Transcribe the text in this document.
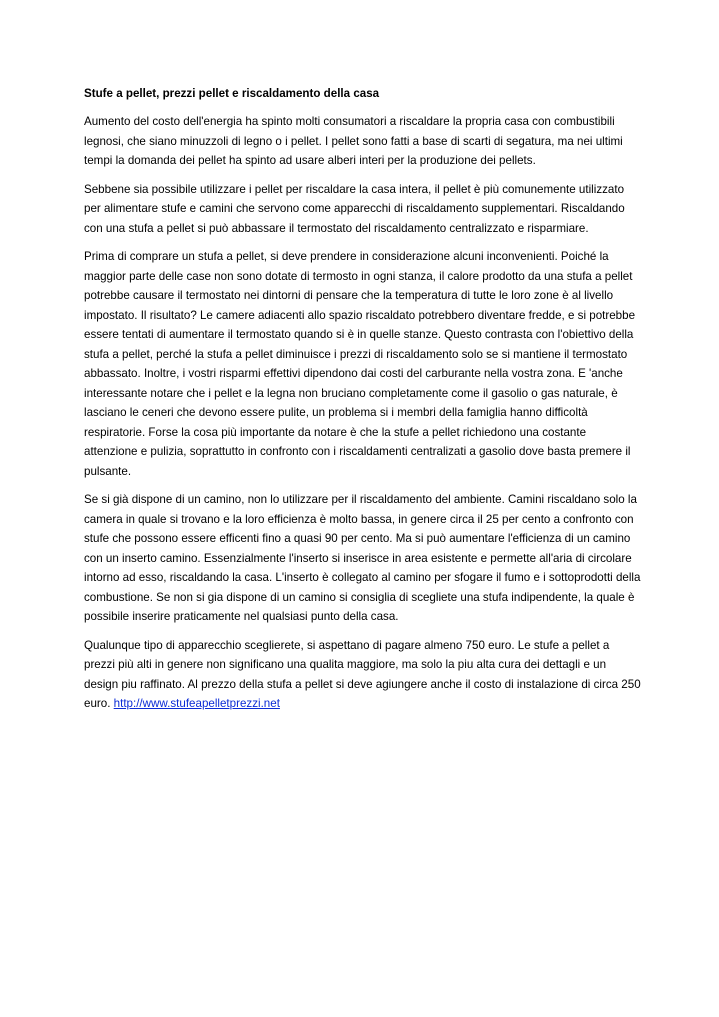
Stufe a pellet, prezzi pellet e riscaldamento della casa

Aumento del costo dell'energia ha spinto molti consumatori a riscaldare la propria casa con combustibili legnosi, che siano minuzzoli di legno o i pellet. I pellet sono fatti a base di scarti di segatura, ma nei ultimi tempi la domanda dei pellet ha spinto ad usare alberi interi per la produzione dei pellets.

Sebbene sia possibile utilizzare i pellet per riscaldare la casa intera, il pellet è più comunemente utilizzato per alimentare stufe e camini che servono come apparecchi di riscaldamento supplementari. Riscaldando con una stufa a pellet si può abbassare il termostato del riscaldamento centralizzato e risparmiare.

Prima di comprare un stufa a pellet, si deve prendere in considerazione alcuni inconvenienti. Poiché la maggior parte delle case non sono dotate di termosto in ogni stanza, il calore prodotto da una stufa a pellet potrebbe causare il termostato nei dintorni di pensare che la temperatura di tutte le loro zone è al livello impostato. Il risultato? Le camere adiacenti allo spazio riscaldato potrebbero diventare fredde, e si potrebbe essere tentati di aumentare il termostato quando si è in quelle stanze. Questo contrasta con l'obiettivo della stufa a pellet, perché la stufa a pellet diminuisce i prezzi di riscaldamento solo se si mantiene il termostato abbassato. Inoltre, i vostri risparmi effettivi dipendono dai costi del carburante nella vostra zona. E 'anche interessante notare che i pellet e la legna non bruciano completamente come il gasolio o gas naturale, è lasciano le ceneri che devono essere pulite, un problema si i membri della famiglia hanno difficoltà respiratorie. Forse la cosa più importante da notare è che la stufe a pellet richiedono una costante attenzione e pulizia, soprattutto in confronto con i riscaldamenti centralizati a gasolio dove basta premere il pulsante.

Se si già dispone di un camino, non lo utilizzare per il riscaldamento del ambiente. Camini riscaldano solo la camera in quale si trovano e la loro efficienza è molto bassa, in genere circa il 25 per cento a confronto con stufe che possono essere efficenti fino a quasi 90 per cento. Ma si può aumentare l'efficienza di un camino con un inserto camino. Essenzialmente l'inserto si inserisce in area esistente e permette all'aria di circolare intorno ad esso, riscaldando la casa. L'inserto è collegato al camino per sfogare il fumo e i sottoprodotti della combustione. Se non si gia dispone di un camino si consiglia di scegliete una stufa indipendente, la quale è possibile inserire praticamente nel qualsiasi punto della casa.

Qualunque tipo di apparecchio sceglierete, si aspettano di pagare almeno 750 euro. Le stufe a pellet a prezzi più alti in genere non significano una qualita maggiore, ma solo la piu alta cura dei dettagli e un design piu raffinato. Al prezzo della stufa a pellet si deve agiungere anche il costo di instalazione di circa 250 euro. http://www.stufeapelletprezzi.net
